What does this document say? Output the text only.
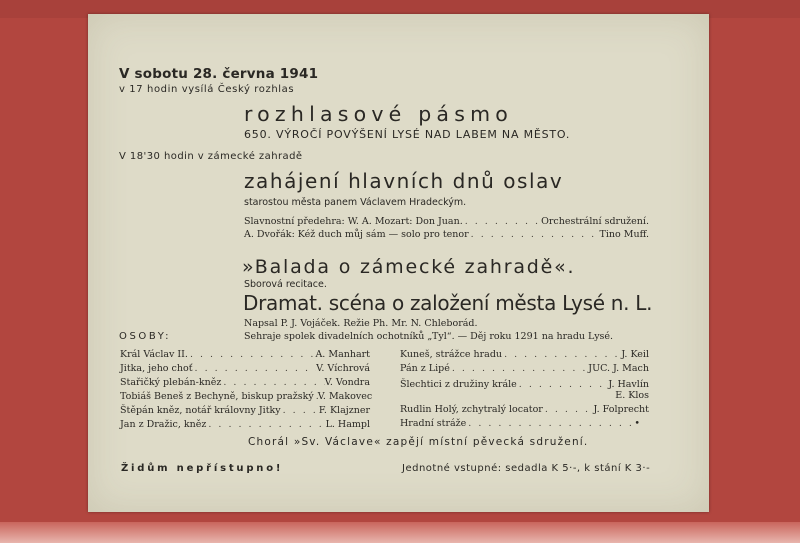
V sobotu 28. června 1941
v 17 hodin vysílá Český rozhlas
rozhlasové pásmo
650. VÝROČÍ POVÝŠENÍ LYSÉ NAD LABEM NA MĚSTO.
V 18'30 hodin v zámecké zahradě
zahájení hlavních dnů oslav
starostou města panem Václavem Hradeckým.
Slavnostní předehra: W. A. Mozart: Don Juan. . . .	Orchestrální sdružení.
A. Dvořák: Kéž duch můj sám — solo pro tenor . . .	Tino Muff.
»Balada o zámecké zahradě«.
Sborová recitace.
Dramat. scéna o založení města Lysé n. L.
Napsal P. J. Vojáček. Režie Ph. Mr. N. Chleborád.
OSOBY:	Sehraje spolek divadelních ochotníků „Tyl“. — Děj roku 1291 na hradu Lysé.
Král Václav II. . . .	A. Manhart
Jitka, jeho choť . . .	V. Víchrová
Stařičký plebán-kněz . . .	V. Vondra
Tobiáš Beneš z Bechyně, biskup pražský . . . V. Makovec
Štěpán kněz, notář královny Jitky . . .	F. Klajzner
Jan z Dražic, kněz . . .	L. Hampl
Kuneš, strážce hradu . . .	J. Keil
Pán z Lipé . . .	JUC. J. Mach
Šlechtici z družiny krále . . .	J. Havlín
E. Klos
Rudlin Holý, zchytralý locator . . .	J. Folprecht
Hradní stráže . . .	•
Chorál »Sv. Václave« zapějí místní pěvecká sdružení.
Židům nepřístupno!	Jednotné vstupné: sedadla K 5·-, k stání K 3·-
